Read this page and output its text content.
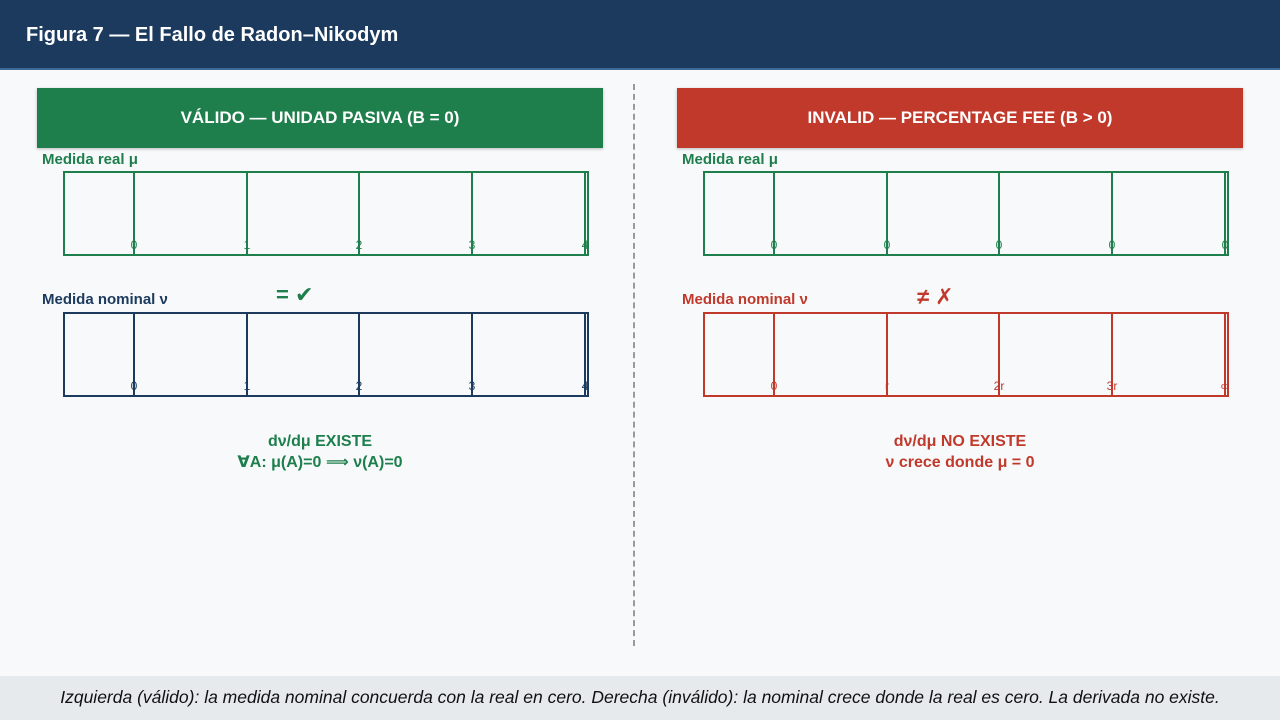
Figura 7 — El Fallo de Radon–Nikodym
VÁLIDO — UNIDAD PASIVA (B = 0)
Medida real μ
0	1	2	3	4
Medida nominal ν	= ✔
0	1	2	3	4
dν/dμ EXISTE
∀A: μ(A)=0 ⟹ ν(A)=0
INVALID — PERCENTAGE FEE (B > 0)
Medida real μ
0	0	0	0	0
Medida nominal ν	≠ ✗
0	r	2r	3r	∞
dν/dμ NO EXISTE
ν crece donde μ = 0
Izquierda (válido): la medida nominal concuerda con la real en cero. Derecha (inválido): la nominal crece donde la real es cero. La derivada no existe.
